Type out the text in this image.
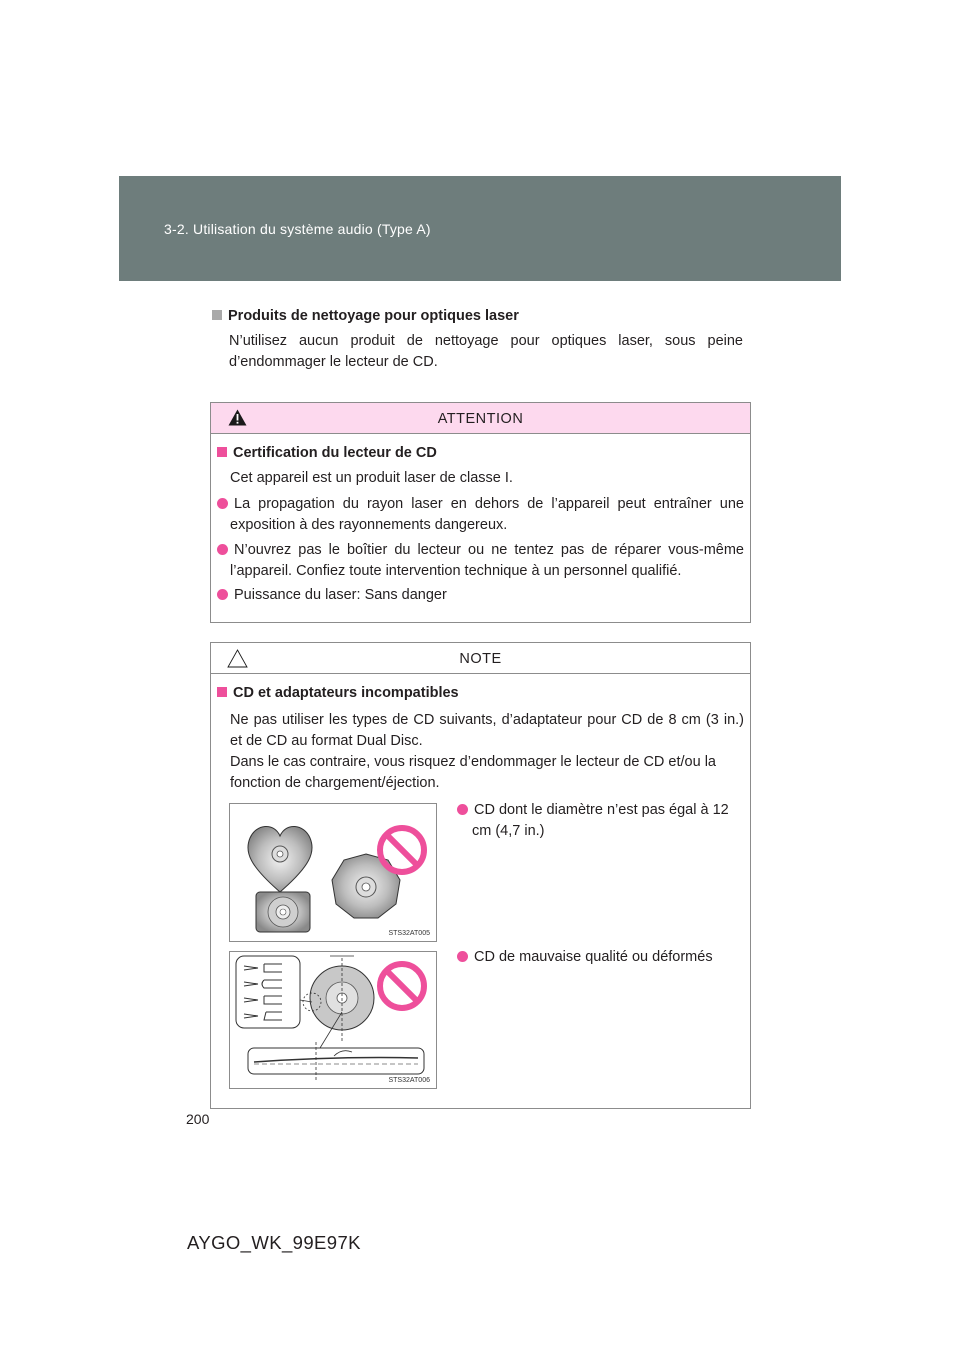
3-2. Utilisation du système audio (Type A)
Produits de nettoyage pour optiques laser
N’utilisez aucun produit de nettoyage pour optiques laser, sous peine d’endommager le lecteur de CD.
ATTENTION
Certification du lecteur de CD
Cet appareil est un produit laser de classe I.
La propagation du rayon laser en dehors de l’appareil peut entraîner une exposition à des rayonnements dangereux.
N’ouvrez pas le boîtier du lecteur ou ne tentez pas de réparer vous-même l’appareil. Confiez toute intervention technique à un personnel qualifié.
Puissance du laser: Sans danger
NOTE
CD et adaptateurs incompatibles
Ne pas utiliser les types de CD suivants, d’adaptateur pour CD de 8 cm (3 in.) et de CD au format Dual Disc.
Dans le cas contraire, vous risquez d’endommager le lecteur de CD et/ou la fonction de chargement/éjection.
STS32AT005
CD dont le diamètre n’est pas égal à 12 cm (4,7 in.)
STS32AT006
CD de mauvaise qualité ou déformés
200
AYGO_WK_99E97K
